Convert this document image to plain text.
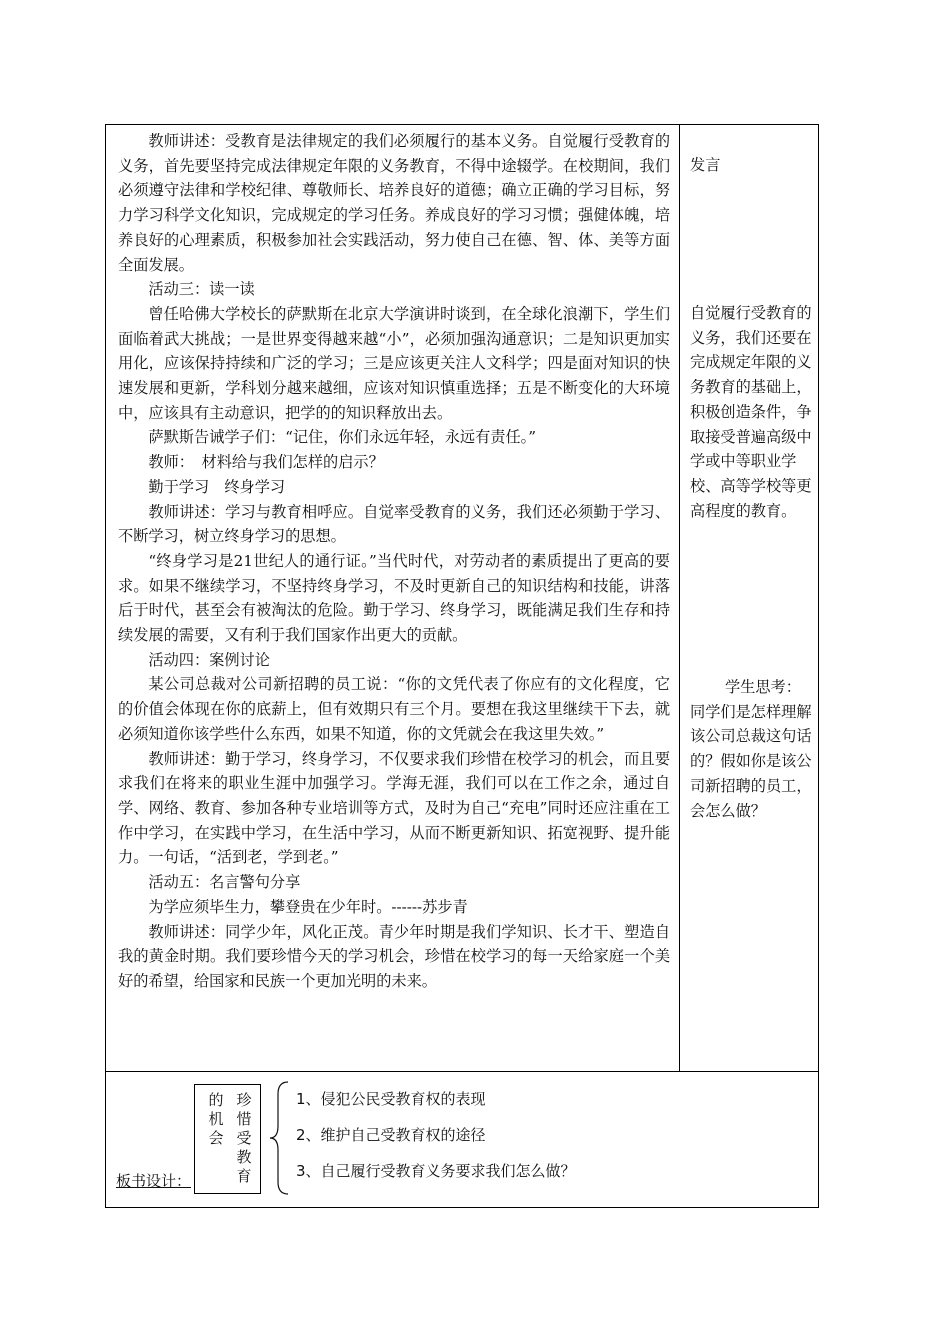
教师讲述：受教育是法律规定的我们必须履行的基本义务。自觉履行受教育的义务，首先要坚持完成法律规定年限的义务教育，不得中途辍学。在校期间，我们必须遵守法律和学校纪律、尊敬师长、培养良好的道德；确立正确的学习目标，努力学习科学文化知识，完成规定的学习任务。养成良好的学习习惯；强健体魄，培养良好的心理素质，积极参加社会实践活动，努力使自己在德、智、体、美等方面全面发展。

活动三：读一读

曾任哈佛大学校长的萨默斯在北京大学演讲时谈到，在全球化浪潮下，学生们面临着武大挑战；一是世界变得越来越“小”，必须加强沟通意识；二是知识更加实用化，应该保持持续和广泛的学习；三是应该更关注人文科学；四是面对知识的快速发展和更新，学科划分越来越细，应该对知识慎重选择；五是不断变化的大环境中，应该具有主动意识，把学的的知识释放出去。

萨默斯告诫学子们：“记住，你们永远年轻，永远有责任。”

教师：　材料给与我们怎样的启示？

勤于学习　终身学习

教师讲述：学习与教育相呼应。自觉率受教育的义务，我们还必须勤于学习、不断学习，树立终身学习的思想。

“终身学习是21世纪人的通行证。”当代时代，对劳动者的素质提出了更高的要求。如果不继续学习，不坚持终身学习，不及时更新自己的知识结构和技能，讲落后于时代，甚至会有被淘汰的危险。勤于学习、终身学习，既能满足我们生存和持续发展的需要，又有利于我们国家作出更大的贡献。

活动四：案例讨论

某公司总裁对公司新招聘的员工说：“你的文凭代表了你应有的文化程度，它的价值会体现在你的底薪上，但有效期只有三个月。要想在我这里继续干下去，就必须知道你该学些什么东西，如果不知道，你的文凭就会在我这里失效。”

教师讲述：勤于学习，终身学习，不仅要求我们珍惜在校学习的机会，而且要求我们在将来的职业生涯中加强学习。学海无涯，我们可以在工作之余，通过自学、网络、教育、参加各种专业培训等方式，及时为自己“充电”同时还应注重在工作中学习，在实践中学习，在生活中学习，从而不断更新知识、拓宽视野、提升能力。一句话，“活到老，学到老。”

活动五：名言警句分享

为学应须毕生力，攀登贵在少年时。------苏步青

教师讲述：同学少年，风化正茂。青少年时期是我们学知识、长才干、塑造自我的黄金时期。我们要珍惜今天的学习机会，珍惜在校学习的每一天给家庭一个美好的希望，给国家和民族一个更加光明的未来。

发言

自觉履行受教育的义务，我们还要在完成规定年限的义务教育的基础上，积极创造条件，争取接受普遍高级中学或中等职业学校、高等学校等更高程度的教育。

学生思考：

同学们是怎样理解该公司总裁这句话的？假如你是该公司新招聘的员工，会怎么做？

板书设计：
珍惜受教育
的机会
1、侵犯公民受教育权的表现
2、维护自己受教育权的途径
3、自己履行受教育义务要求我们怎么做？
